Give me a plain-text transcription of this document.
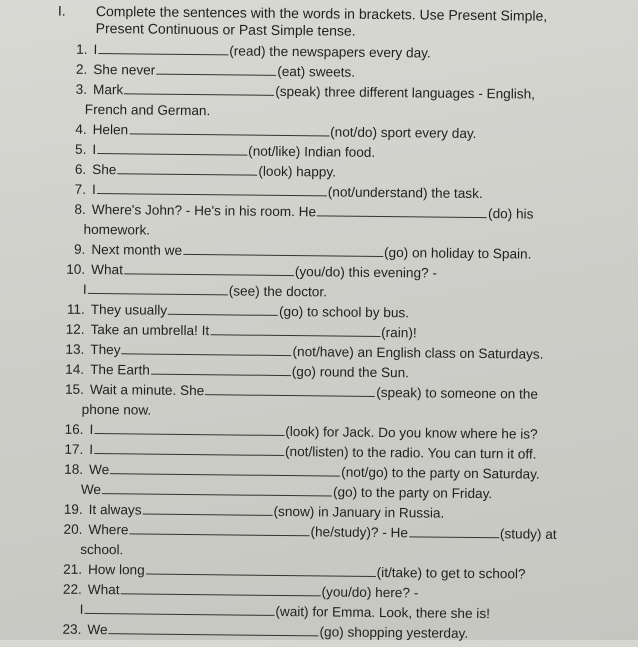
I. Complete the sentences with the words in brackets. Use Present Simple, Present Continuous or Past Simple tense.
1. I	(read) the newspapers every day.
2. She never	(eat) sweets.
3. Mark	(speak) three different languages - English,
French and German.
4. Helen	(not/do) sport every day.
5. I	(not/like) Indian food.
6. She	(look) happy.
7. I	(not/understand) the task.
8. Where's John? - He's in his room. He	(do) his
homework.
9. Next month we	(go) on holiday to Spain.
10. What	(you/do) this evening? -
I	(see) the doctor.
11. They usually	(go) to school by bus.
12. Take an umbrella! It	(rain)!
13. They	(not/have) an English class on Saturdays.
14. The Earth	(go) round the Sun.
15. Wait a minute. She	(speak) to someone on the
phone now.
16. I	(look) for Jack. Do you know where he is?
17. I	(not/listen) to the radio. You can turn it off.
18. We	(not/go) to the party on Saturday.
We	(go) to the party on Friday.
19. It always	(snow) in January in Russia.
20. Where	(he/study)? - He	(study) at
school.
21. How long	(it/take) to get to school?
22. What	(you/do) here? -
I	(wait) for Emma. Look, there she is!
23. We	(go) shopping yesterday.
